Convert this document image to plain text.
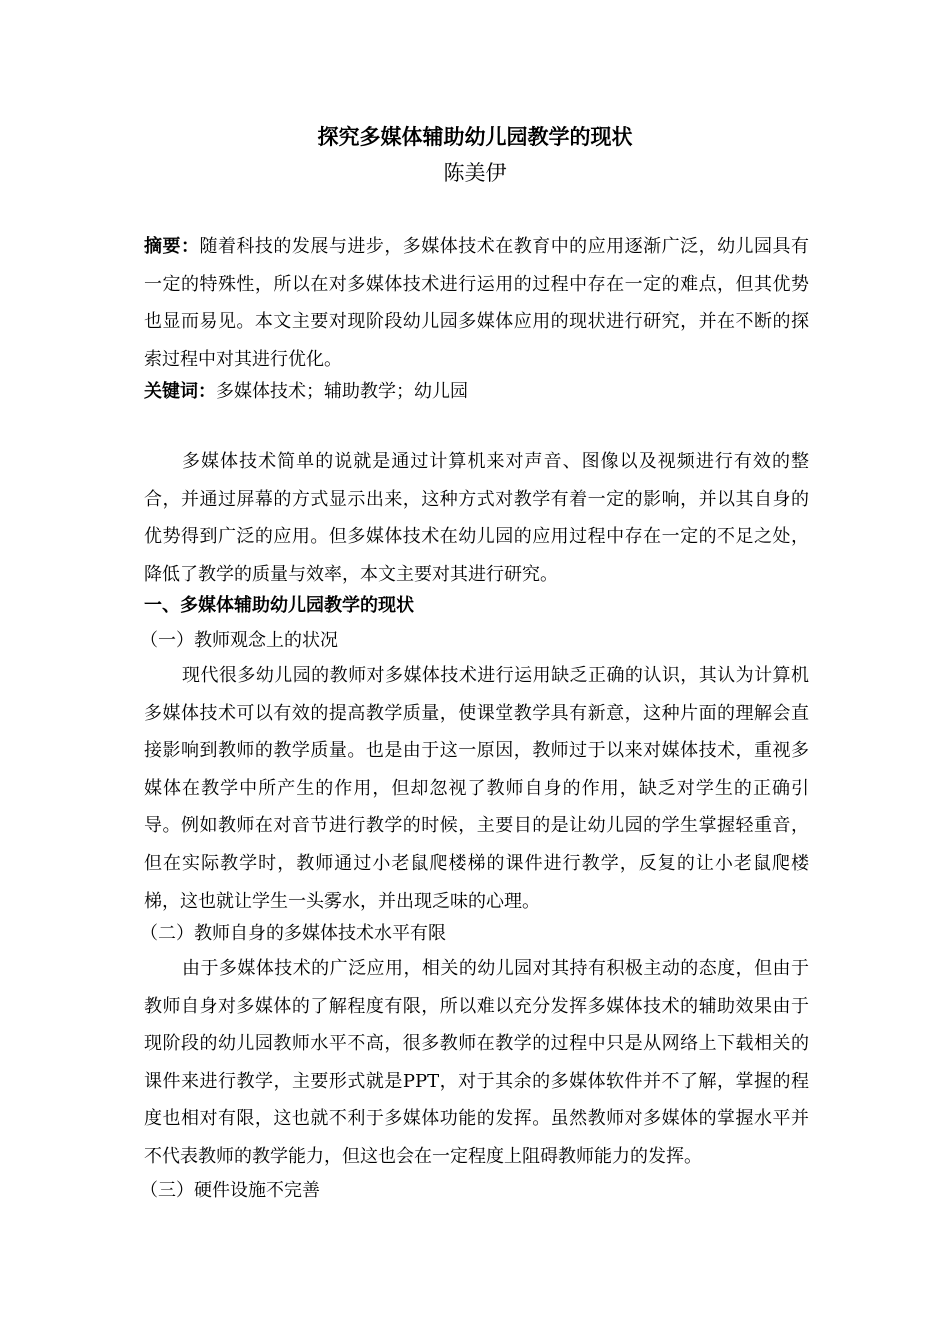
探究多媒体辅助幼儿园教学的现状
陈美伊

摘要：随着科技的发展与进步，多媒体技术在教育中的应用逐渐广泛，幼儿园具有一定的特殊性，所以在对多媒体技术进行运用的过程中存在一定的难点，但其优势也显而易见。本文主要对现阶段幼儿园多媒体应用的现状进行研究，并在不断的探索过程中对其进行优化。

关键词：多媒体技术；辅助教学；幼儿园

多媒体技术简单的说就是通过计算机来对声音、图像以及视频进行有效的整合，并通过屏幕的方式显示出来，这种方式对教学有着一定的影响，并以其自身的优势得到广泛的应用。但多媒体技术在幼儿园的应用过程中存在一定的不足之处，降低了教学的质量与效率，本文主要对其进行研究。

一、多媒体辅助幼儿园教学的现状

（一）教师观念上的状况

现代很多幼儿园的教师对多媒体技术进行运用缺乏正确的认识，其认为计算机多媒体技术可以有效的提高教学质量，使课堂教学具有新意，这种片面的理解会直接影响到教师的教学质量。也是由于这一原因，教师过于以来对媒体技术，重视多媒体在教学中所产生的作用，但却忽视了教师自身的作用，缺乏对学生的正确引导。例如教师在对音节进行教学的时候，主要目的是让幼儿园的学生掌握轻重音，但在实际教学时，教师通过小老鼠爬楼梯的课件进行教学，反复的让小老鼠爬楼梯，这也就让学生一头雾水，并出现乏味的心理。

（二）教师自身的多媒体技术水平有限

由于多媒体技术的广泛应用，相关的幼儿园对其持有积极主动的态度，但由于教师自身对多媒体的了解程度有限，所以难以充分发挥多媒体技术的辅助效果由于现阶段的幼儿园教师水平不高，很多教师在教学的过程中只是从网络上下载相关的课件来进行教学，主要形式就是PPT，对于其余的多媒体软件并不了解，掌握的程度也相对有限，这也就不利于多媒体功能的发挥。虽然教师对多媒体的掌握水平并不代表教师的教学能力，但这也会在一定程度上阻碍教师能力的发挥。

（三）硬件设施不完善
